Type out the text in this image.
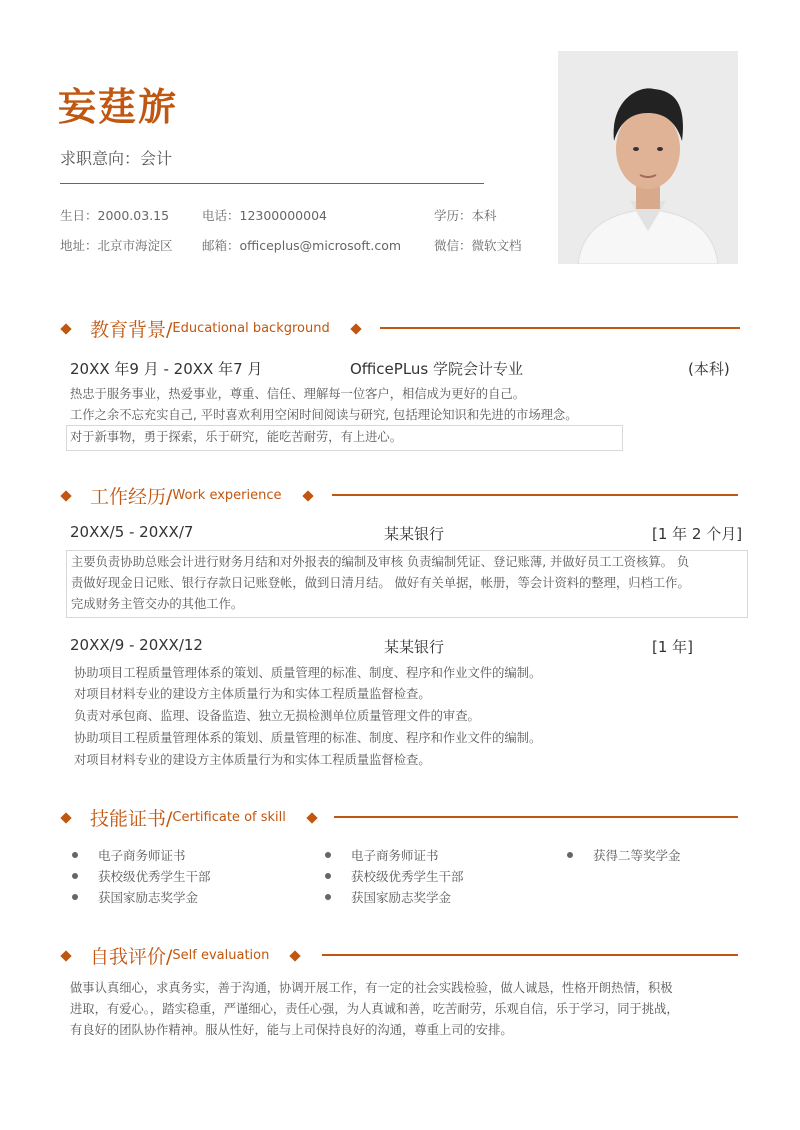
妄莛旂
求职意向：会计
生日：2000.03.15	电话：12300000004	学历：本科
地址：北京市海淀区 邮箱：officeplus@microsoft.com	微信：微软文档
教育背景/ Educational background
20XX 年9 月 - 20XX 年7 月	OfficePLus 学院会计专业	(本科)
热忠于服务事业，热爱事业，尊重、信任、理解每一位客户，相信成为更好的自己。
工作之余不忘充实自己, 平时喜欢利用空闲时间阅读与研究, 包括理论知识和先进的市场理念。
对于新事物，勇于探索，乐于研究，能吃苦耐劳，有上进心。
工作经历/ Work experience
20XX/5 - 20XX/7	某某银行	[1 年 2 个月]
主要负责协助总账会计进行财务月结和对外报表的编制及审核 负责编制凭证、登记账薄, 并做好员工工资核算。 负
责做好现金日记账、银行存款日记账登帐，做到日清月结。 做好有关单据，帐册，等会计资料的整理，归档工作。
完成财务主管交办的其他工作。
20XX/9 - 20XX/12	某某银行	[1 年]
协助项目工程质量管理体系的策划、质量管理的标准、制度、程序和作业文件的编制。
对项目材料专业的建设方主体质量行为和实体工程质量监督检查。
负责对承包商、监理、设备监造、独立无损检测单位质量管理文件的审查。
协助项目工程质量管理体系的策划、质量管理的标准、制度、程序和作业文件的编制。
对项目材料专业的建设方主体质量行为和实体工程质量监督检查。
技能证书/ Certificate of skill
电子商务师证书
获校级优秀学生干部
获国家励志奖学金
电子商务师证书
获校级优秀学生干部
获国家励志奖学金
获得二等奖学金
自我评价/ Self evaluation
做事认真细心，求真务实，善于沟通，协调开展工作，有一定的社会实践检验，做人诚恳，性格开朗热情，积极
进取，有爱心。，踏实稳重，严谨细心，责任心强，为人真诚和善，吃苦耐劳，乐观自信，乐于学习，同于挑战，
有良好的团队协作精神。服从性好，能与上司保持良好的沟通，尊重上司的安排。
